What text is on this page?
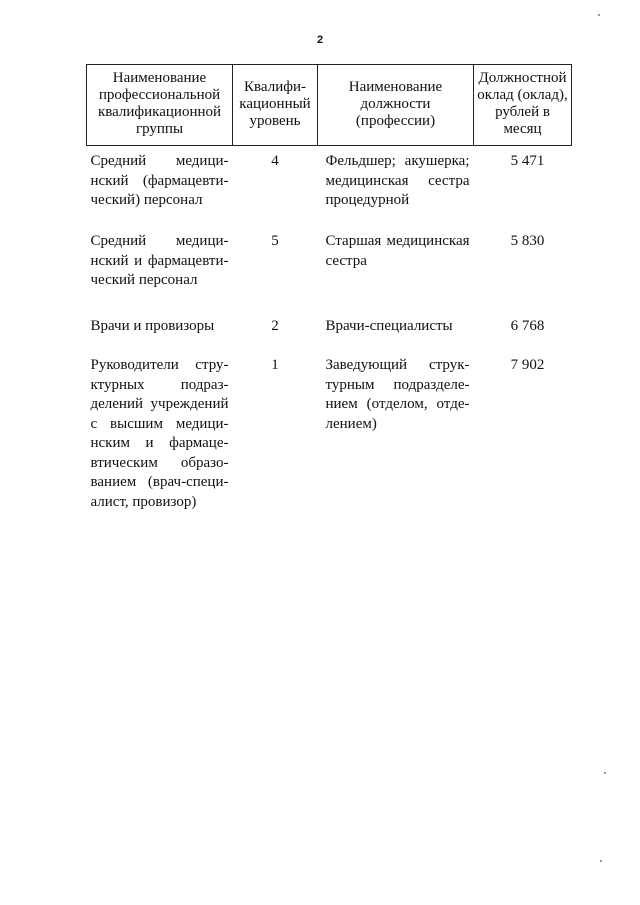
2
Наименование профессиональной квалификационной группы	Квалифи-кационный уровень	Наименование должности (профессии)	Должностной оклад (оклад), рублей в месяц
Средний медици-нский (фармацевти-ческий) персонал	4	Фельдшер; акушерка; медицинская сестра процедурной	5 471
Средний медици-нский и фармацевти-ческий персонал	5	Старшая медицинская сестра	5 830
Врачи и провизоры	2	Врачи-специалисты	6 768
Руководители стру-ктурных подраз-делений учреждений с высшим медици-нским и фармаце-втическим образо-ванием (врач-специ-алист, провизор)	1	Заведующий струк-турным подразделе-нием (отделом, отде-лением)	7 902
